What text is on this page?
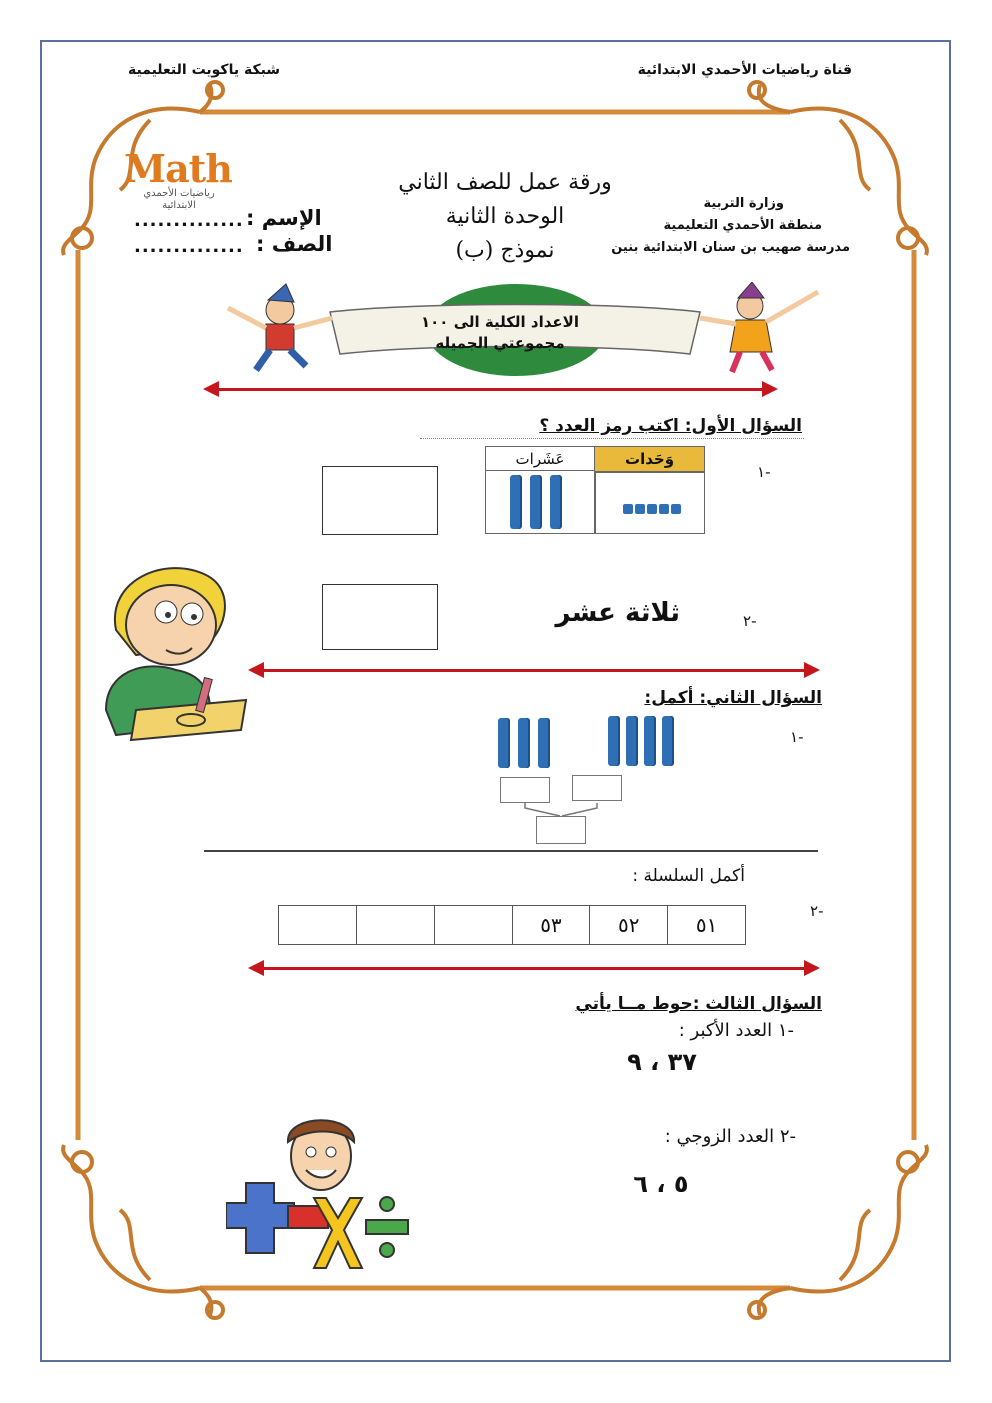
قناة رياضيات الأحمدي الابتدائية
شبكة ياكويت التعليمية
ورقة عمل للصف الثاني
الوحدة الثانية
نموذج (ب)
وزارة التربية
منطقة الأحمدي التعليمية
مدرسة صهيب بن سنان الابتدائية بنين
Math
رياضيات الأحمدي
الابتدائية
الإسم :
..............
الصف :
..............
الاعداد الكلية الى ١٠٠
مجموعتي الجميله
السؤال الأول: اكتب رمز العدد ؟
-١
وَحَدات
عَشَرات
-٢
ثلاثة عشر
السؤال الثاني: أكمل:
-١
أكمل السلسلة :
-٢
٥١
٥٢
٥٣
السؤال الثالث :حوط مــا يأتي
-١ العدد الأكبر :
٣٧ ، ٩
-٢ العدد الزوجي :
٥ ، ٦
